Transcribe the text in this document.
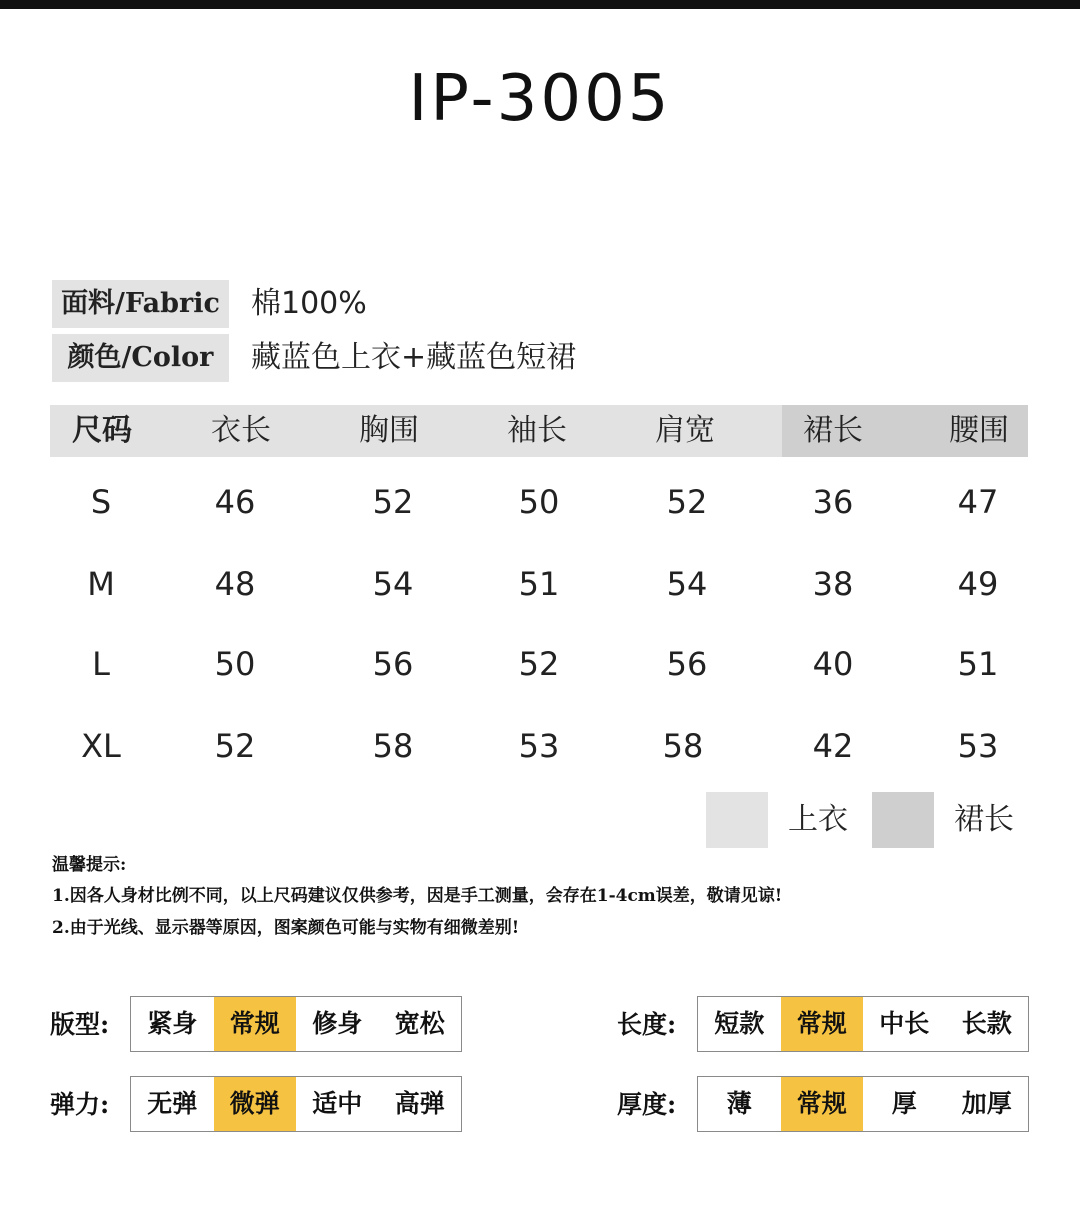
IP-3005
面料/Fabric	棉100%
颜色/Color	藏蓝色上衣+藏蓝色短裙
尺码	衣长	胸围	袖长	肩宽	裙长	腰围
S	46	52	50	52	36	47
M	48	54	51	54	38	49
L	50	56	52	56	40	51
XL	52	58	53	58	42	53
上衣	裙长
温馨提示:
1.因各人身材比例不同，以上尺码建议仅供参考，因是手工测量，会存在1-4cm误差，敬请见谅!
2.由于光线、显示器等原因，图案颜色可能与实物有细微差别!
版型:	紧身	常规	修身	宽松	长度:	短款	常规	中长	长款
弹力:	无弹	微弹	适中	高弹	厚度:	薄	常规	厚	加厚
